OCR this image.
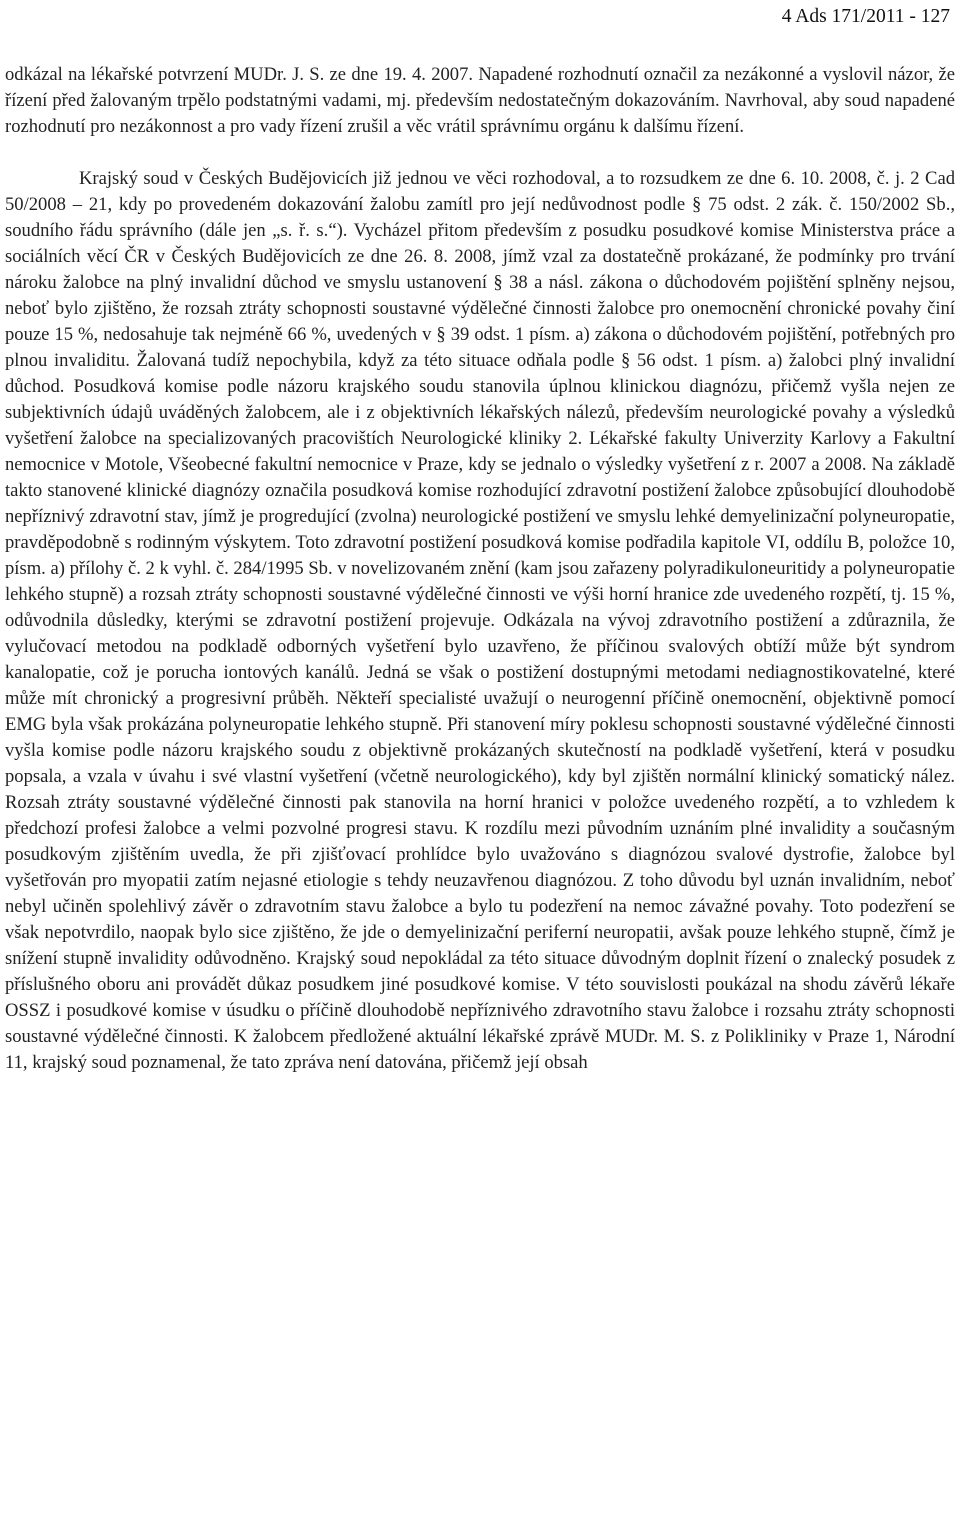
4 Ads 171/2011 - 127

odkázal na lékařské potvrzení MUDr. J. S. ze dne 19. 4. 2007. Napadené rozhodnutí označil za nezákonné a vyslovil názor, že řízení před žalovaným trpělo podstatnými vadami, mj. především nedostatečným dokazováním. Navrhoval, aby soud napadené rozhodnutí pro nezákonnost a pro vady řízení zrušil a věc vrátil správnímu orgánu k dalšímu řízení.

Krajský soud v Českých Budějovicích již jednou ve věci rozhodoval, a to rozsudkem ze dne 6. 10. 2008, č. j. 2 Cad 50/2008 – 21, kdy po provedeném dokazování žalobu zamítl pro její nedůvodnost podle § 75 odst. 2 zák. č. 150/2002 Sb., soudního řádu správního (dále jen „s. ř. s.“). Vycházel přitom především z posudku posudkové komise Ministerstva práce a sociálních věcí ČR v Českých Budějovicích ze dne 26. 8. 2008, jímž vzal za dostatečně prokázané, že podmínky pro trvání nároku žalobce na plný invalidní důchod ve smyslu ustanovení § 38 a násl. zákona o důchodovém pojištění splněny nejsou, neboť bylo zjištěno, že rozsah ztráty schopnosti soustavné výdělečné činnosti žalobce pro onemocnění chronické povahy činí pouze 15 %, nedosahuje tak nejméně 66 %, uvedených v § 39 odst. 1 písm. a) zákona o důchodovém pojištění, potřebných pro plnou invaliditu. Žalovaná tudíž nepochybila, když za této situace odňala podle § 56 odst. 1 písm. a) žalobci plný invalidní důchod. Posudková komise podle názoru krajského soudu stanovila úplnou klinickou diagnózu, přičemž vyšla nejen ze subjektivních údajů uváděných žalobcem, ale i z objektivních lékařských nálezů, především neurologické povahy a výsledků vyšetření žalobce na specializovaných pracovištích Neurologické kliniky 2. Lékařské fakulty Univerzity Karlovy a Fakultní nemocnice v Motole, Všeobecné fakultní nemocnice v Praze, kdy se jednalo o výsledky vyšetření z r. 2007 a 2008. Na základě takto stanovené klinické diagnózy označila posudková komise rozhodující zdravotní postižení žalobce způsobující dlouhodobě nepříznivý zdravotní stav, jímž je progredující (zvolna) neurologické postižení ve smyslu lehké demyelinizační polyneuropatie, pravděpodobně s rodinným výskytem. Toto zdravotní postižení posudková komise podřadila kapitole VI, oddílu B, položce 10, písm. a) přílohy č. 2 k vyhl. č. 284/1995 Sb. v novelizovaném znění (kam jsou zařazeny polyradikuloneuritidy a polyneuropatie lehkého stupně) a rozsah ztráty schopnosti soustavné výdělečné činnosti ve výši horní hranice zde uvedeného rozpětí, tj. 15 %, odůvodnila důsledky, kterými se zdravotní postižení projevuje. Odkázala na vývoj zdravotního postižení a zdůraznila, že vylučovací metodou na podkladě odborných vyšetření bylo uzavřeno, že příčinou svalových obtíží může být syndrom kanalopatie, což je porucha iontových kanálů. Jedná se však o postižení dostupnými metodami nediagnostikovatelné, které může mít chronický a progresivní průběh. Někteří specialisté uvažují o neurogenní příčině onemocnění, objektivně pomocí EMG byla však prokázána polyneuropatie lehkého stupně. Při stanovení míry poklesu schopnosti soustavné výdělečné činnosti vyšla komise podle názoru krajského soudu z objektivně prokázaných skutečností na podkladě vyšetření, která v posudku popsala, a vzala v úvahu i své vlastní vyšetření (včetně neurologického), kdy byl zjištěn normální klinický somatický nález. Rozsah ztráty soustavné výdělečné činnosti pak stanovila na horní hranici v položce uvedeného rozpětí, a to vzhledem k předchozí profesi žalobce a velmi pozvolné progresi stavu. K rozdílu mezi původním uznáním plné invalidity a současným posudkovým zjištěním uvedla, že při zjišťovací prohlídce bylo uvažováno s diagnózou svalové dystrofie, žalobce byl vyšetřován pro myopatii zatím nejasné etiologie s tehdy neuzavřenou diagnózou. Z toho důvodu byl uznán invalidním, neboť nebyl učiněn spolehlivý závěr o zdravotním stavu žalobce a bylo tu podezření na nemoc závažné povahy. Toto podezření se však nepotvrdilo, naopak bylo sice zjištěno, že jde o demyelinizační periferní neuropatii, avšak pouze lehkého stupně, čímž je snížení stupně invalidity odůvodněno. Krajský soud nepokládal za této situace důvodným doplnit řízení o znalecký posudek z příslušného oboru ani provádět důkaz posudkem jiné posudkové komise. V této souvislosti poukázal na shodu závěrů lékaře OSSZ i posudkové komise v úsudku o příčině dlouhodobě nepříznivého zdravotního stavu žalobce i rozsahu ztráty schopnosti soustavné výdělečné činnosti. K žalobcem předložené aktuální lékařské zprávě MUDr. M. S. z Polikliniky v Praze 1, Národní 11, krajský soud poznamenal, že tato zpráva není datována, přičemž její obsah
